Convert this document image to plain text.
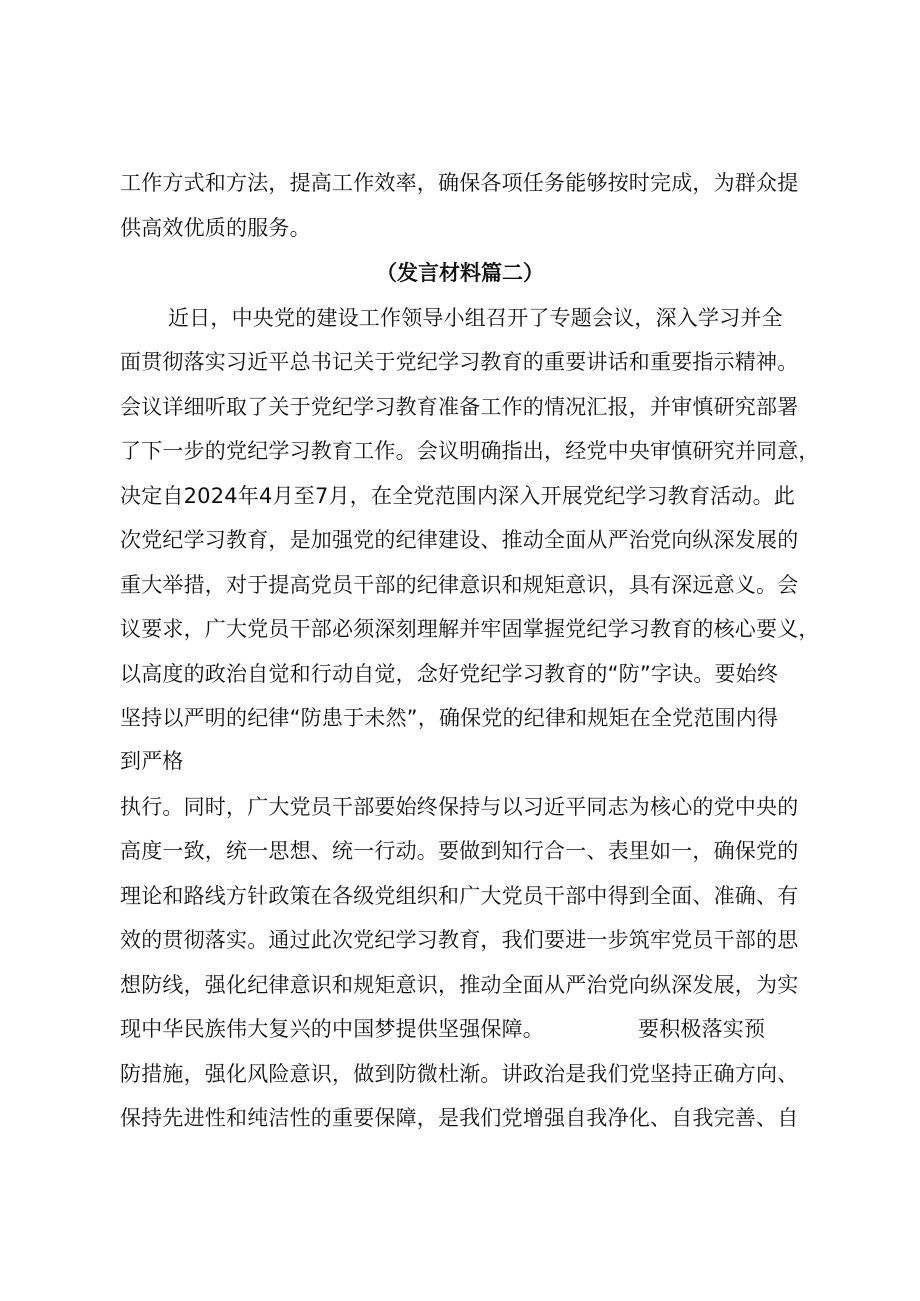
工作方式和方法，提高工作效率，确保各项任务能够按时完成，为群众提
供高效优质的服务。
（发言材料篇二）
近日，中央党的建设工作领导小组召开了专题会议，深入学习并全
面贯彻落实习近平总书记关于党纪学习教育的重要讲话和重要指示精神。
会议详细听取了关于党纪学习教育准备工作的情况汇报，并审慎研究部署
了下一步的党纪学习教育工作。会议明确指出，经党中央审慎研究并同意，
决定自2024年4月至7月，在全党范围内深入开展党纪学习教育活动。此
次党纪学习教育，是加强党的纪律建设、推动全面从严治党向纵深发展的
重大举措，对于提高党员干部的纪律意识和规矩意识，具有深远意义。会
议要求，广大党员干部必须深刻理解并牢固掌握党纪学习教育的核心要义，
以高度的政治自觉和行动自觉，念好党纪学习教育的“防”字诀。要始终
坚持以严明的纪律“防患于未然”，确保党的纪律和规矩在全党范围内得
到严格
执行。同时，广大党员干部要始终保持与以习近平同志为核心的党中央的
高度一致，统一思想、统一行动。要做到知行合一、表里如一，确保党的
理论和路线方针政策在各级党组织和广大党员干部中得到全面、准确、有
效的贯彻落实。通过此次党纪学习教育，我们要进一步筑牢党员干部的思
想防线，强化纪律意识和规矩意识，推动全面从严治党向纵深发展，为实
现中华民族伟大复兴的中国梦提供坚强保障。	要积极落实预
防措施，强化风险意识，做到防微杜渐。讲政治是我们党坚持正确方向、
保持先进性和纯洁性的重要保障，是我们党增强自我净化、自我完善、自
